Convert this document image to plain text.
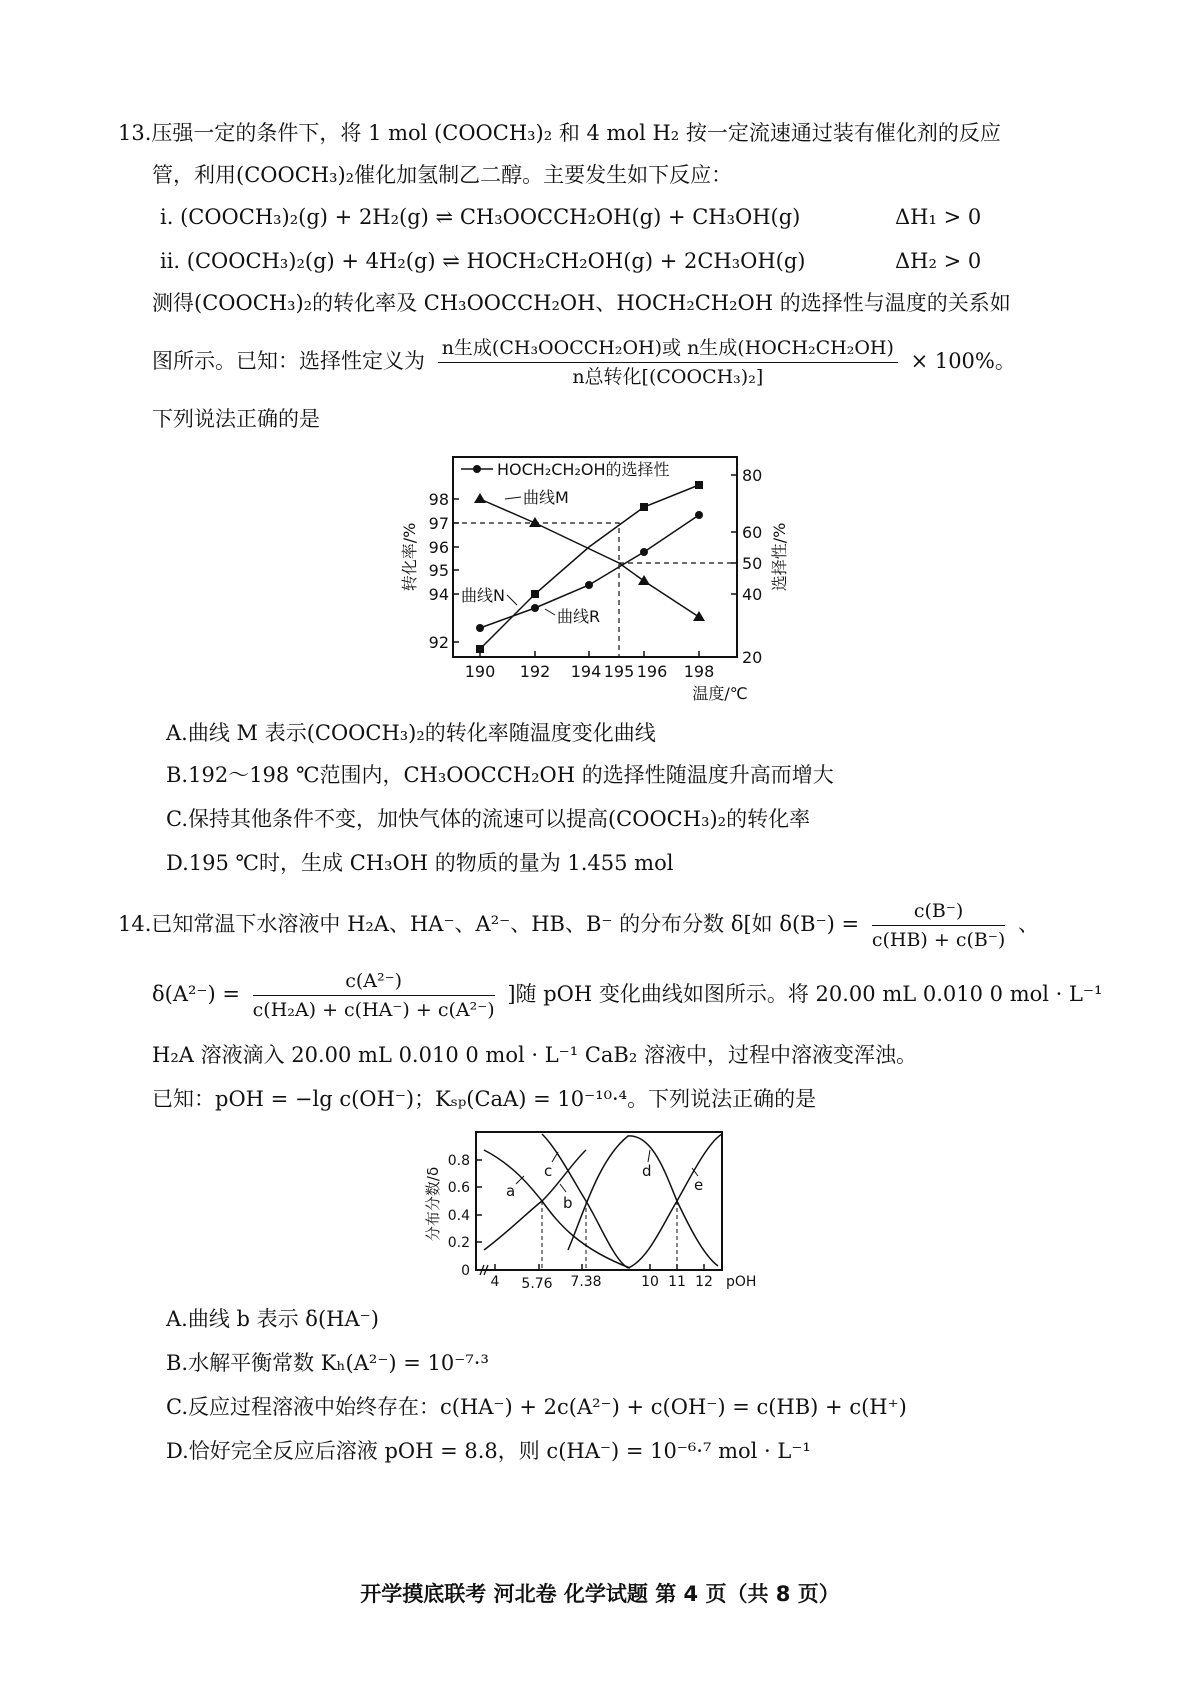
13.压强一定的条件下，将 1 mol (COOCH₃)₂ 和 4 mol H₂ 按一定流速通过装有催化剂的反应
管，利用(COOCH₃)₂催化加氢制乙二醇。主要发生如下反应：
ⅰ. (COOCH₃)₂(g) + 2H₂(g) ⇌ CH₃OOCCH₂OH(g) + CH₃OH(g)	ΔH₁ > 0
ⅱ. (COOCH₃)₂(g) + 4H₂(g) ⇌ HOCH₂CH₂OH(g) + 2CH₃OH(g)	ΔH₂ > 0
测得(COOCH₃)₂的转化率及 CH₃OOCCH₂OH、HOCH₂CH₂OH 的选择性与温度的关系如
图所示。已知：选择性定义为 $\frac{\text{n生成(CH₃OOCCH₂OH)或 n生成(HOCH₂CH₂OH)}}{\text{n总转化[(COOCH₃)₂]}} \times 100\%$。
下列说法正确的是
98
97
96
95
94
92
80
60
50
40
20
190 192 194 195 196 198
温度/℃
转化率/%	选择性/%
HOCH₂CH₂OH的选择性
曲线M
曲线N
曲线R
A.曲线 M 表示(COOCH₃)₂的转化率随温度变化曲线
B.192～198 ℃范围内，CH₃OOCCH₂OH 的选择性随温度升高而增大
C.保持其他条件不变，加快气体的流速可以提高(COOCH₃)₂的转化率
D.195 ℃时，生成 CH₃OH 的物质的量为 1.455 mol
14.已知常温下水溶液中 H₂A、HA⁻、A²⁻、HB、B⁻ 的分布分数 δ[如 $\delta(B^-) = \frac{c(B^-)}{c(HB) + c(B^-)}$ 、
$\delta(A^{2-}) = \frac{\text{c(A²⁻)}}{\text{c(H₂A) + c(HA⁻) + c(A²⁻)}}$ ]随 pOH 变化曲线如图所示。将 20.00 mL 0.010 0 mol · L⁻¹
H₂A 溶液滴入 20.00 mL 0.010 0 mol · L⁻¹ CaB₂ 溶液中，过程中溶液变浑浊。
已知：pOH = −lg c(OH⁻)；Kₛₚ(CaA) = 10⁻¹⁰·⁴。下列说法正确的是
0
0.2
0.4
0.6
0.8
4 5.76 7.38	10 11 12 pOH
分布分数/δ	a
b
c	d
e
A.曲线 b 表示 δ(HA⁻)
B.水解平衡常数 Kₕ(A²⁻) = 10⁻⁷·³
C.反应过程溶液中始终存在：c(HA⁻) + 2c(A²⁻) + c(OH⁻) = c(HB) + c(H⁺)
D.恰好完全反应后溶液 pOH = 8.8，则 c(HA⁻) = 10⁻⁶·⁷ mol · L⁻¹
开学摸底联考 河北卷 化学试题 第 4 页（共 8 页）
